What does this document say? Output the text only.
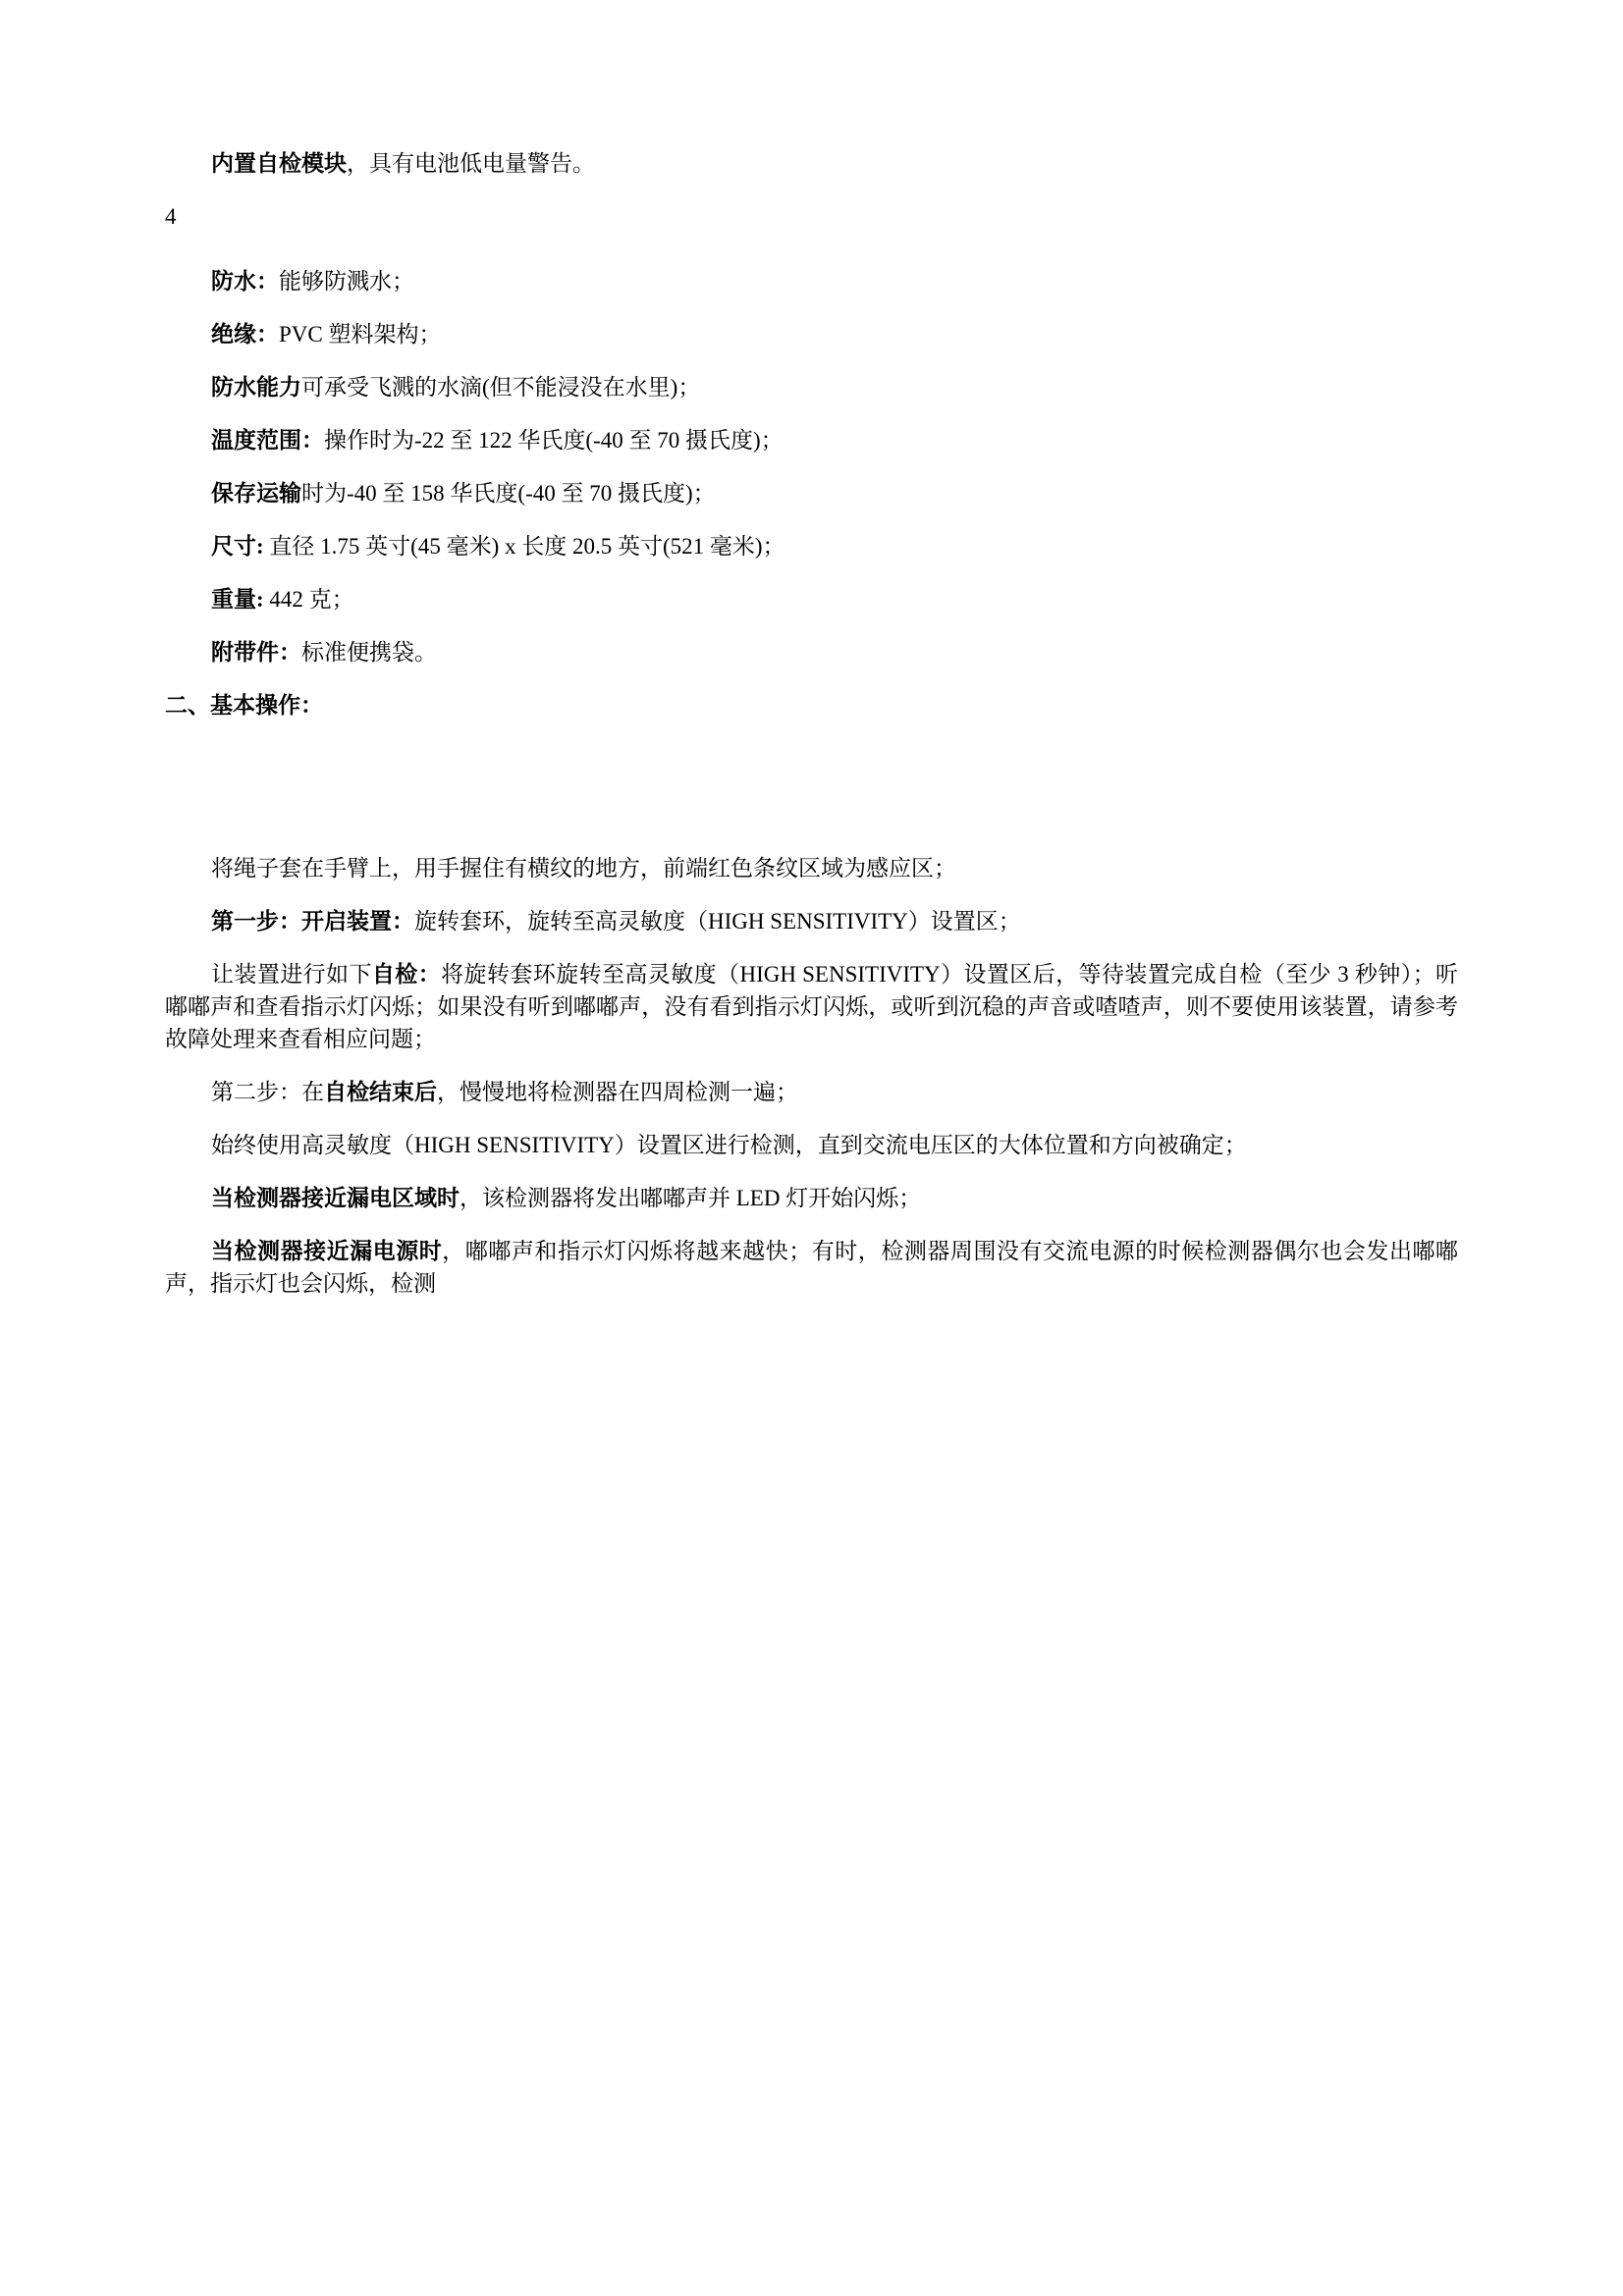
内置自检模块，具有电池低电量警告。

4

防水：能够防溅水；

绝缘：PVC 塑料架构；

防水能力可承受飞溅的水滴(但不能浸没在水里)；

温度范围：操作时为-22 至 122 华氏度(-40 至 70 摄氏度)；

保存运输时为-40 至 158 华氏度(-40 至 70 摄氏度)；

尺寸: 直径 1.75 英寸(45 毫米) x 长度 20.5 英寸(521 毫米)；

重量: 442 克；

附带件：标准便携袋。

二、基本操作：

将绳子套在手臂上，用手握住有横纹的地方，前端红色条纹区域为感应区；

第一步：开启装置：旋转套环，旋转至高灵敏度（HIGH SENSITIVITY）设置区；

让装置进行如下自检：将旋转套环旋转至高灵敏度（HIGH SENSITIVITY）设置区后，等待装置完成自检（至少 3 秒钟）；听嘟嘟声和查看指示灯闪烁；如果没有听到嘟嘟声，没有看到指示灯闪烁，或听到沉稳的声音或喳喳声，则不要使用该装置，请参考故障处理来查看相应问题；

第二步：在自检结束后，慢慢地将检测器在四周检测一遍；

始终使用高灵敏度（HIGH SENSITIVITY）设置区进行检测，直到交流电压区的大体位置和方向被确定；

当检测器接近漏电区域时，该检测器将发出嘟嘟声并 LED 灯开始闪烁；

当检测器接近漏电源时，嘟嘟声和指示灯闪烁将越来越快；有时，检测器周围没有交流电源的时候检测器偶尔也会发出嘟嘟声，指示灯也会闪烁，检测
